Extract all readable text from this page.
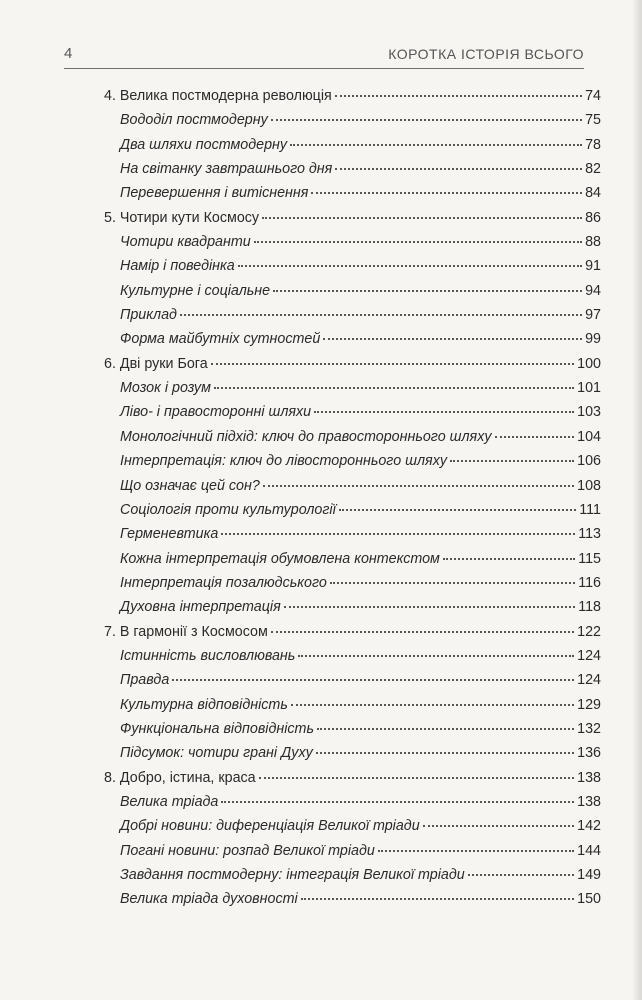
4	КОРОТКА ІСТОРІЯ ВСЬОГО
4. Велика постмодерна революція	74
Вододіл постмодерну	75
Два шляхи постмодерну	78
На світанку завтрашнього дня	82
Перевершення і витіснення	84
5. Чотири кути Космосу	86
Чотири квадранти	88
Намір і поведінка	91
Культурне і соціальне	94
Приклад	97
Форма майбутніх сутностей	99
6. Дві руки Бога	100
Мозок і розум	101
Ліво- і правосторонні шляхи	103
Монологічний підхід: ключ до правостороннього шляху	104
Інтерпретація: ключ до лівостороннього шляху	106
Що означає цей сон?	108
Соціологія проти культурології	111
Герменевтика	113
Кожна інтерпретація обумовлена контекстом	115
Інтерпретація позалюдського	116
Духовна інтерпретація	118
7. В гармонії з Космосом	122
Істинність висловлювань	124
Правда	124
Культурна відповідність	129
Функціональна відповідність	132
Підсумок: чотири грані Духу	136
8. Добро, істина, краса	138
Велика тріада	138
Добрі новини: диференціація Великої тріади	142
Погані новини: розпад Великої тріади	144
Завдання постмодерну: інтеграція Великої тріади	149
Велика тріада духовності	150
